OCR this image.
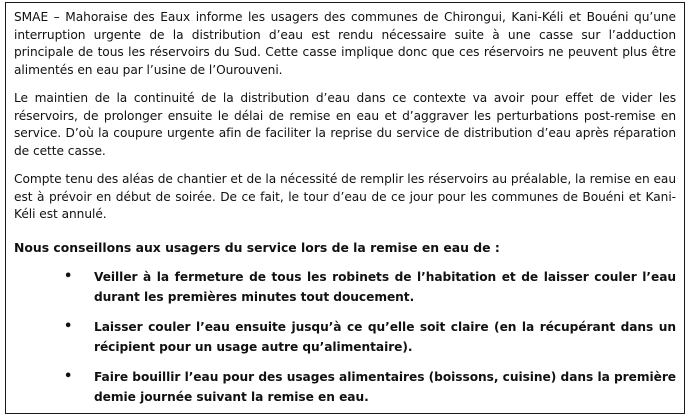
SMAE – Mahoraise des Eaux informe les usagers des communes de Chirongui, Kani-Kéli et Bouéni qu’une interruption urgente de la distribution d’eau est rendu nécessaire suite à une casse sur l’adduction principale de tous les réservoirs du Sud. Cette casse implique donc que ces réservoirs ne peuvent plus être alimentés en eau par l’usine de l’Ourouveni.

Le maintien de la continuité de la distribution d’eau dans ce contexte va avoir pour effet de vider les réservoirs, de prolonger ensuite le délai de remise en eau et d’aggraver les perturbations post-remise en service. D’où la coupure urgente afin de faciliter la reprise du service de distribution d’eau après réparation de cette casse.

Compte tenu des aléas de chantier et de la nécessité de remplir les réservoirs au préalable, la remise en eau est à prévoir en début de soirée. De ce fait, le tour d’eau de ce jour pour les communes de Bouéni et Kani-Kéli est annulé.

Nous conseillons aux usagers du service lors de la remise en eau de :
• Veiller à la fermeture de tous les robinets de l’habitation et de laisser couler l’eau durant les premières minutes tout doucement.
• Laisser couler l’eau ensuite jusqu’à ce qu’elle soit claire (en la récupérant dans un récipient pour un usage autre qu’alimentaire).
• Faire bouillir l’eau pour des usages alimentaires (boissons, cuisine) dans la première demie journée suivant la remise en eau.
